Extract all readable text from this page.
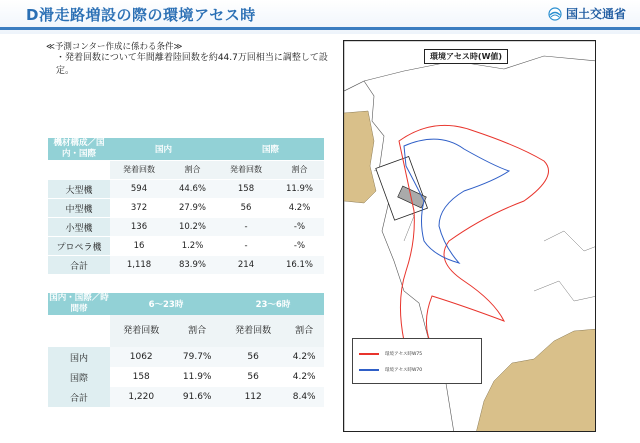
D滑走路増設の際の環境アセス時	国土交通省
≪予測コンター作成に係わる条件≫
・発着回数について年間離着陸回数を約44.7万回相当に調整して設定。
機材構成／国内・国際	国内		国際	

	発着回数	割合	発着回数	割合
大型機	594	44.6%	158	11.9%
中型機	372	27.9%	56	4.2%
小型機	136	10.2%	-	-%
プロペラ機	16	1.2%	-	-%
合計	1,118	83.9%	214	16.1%
国内・国際／時間帯	6～23時		23～6時	

	発着回数	割合	発着回数	割合
国内	1062	79.7%	56	4.2%
国際	158	11.9%	56	4.2%
合計	1,220	91.6%	112	8.4%
環境アセス時(W値)
環境アセス時W75
環境アセス時W70
